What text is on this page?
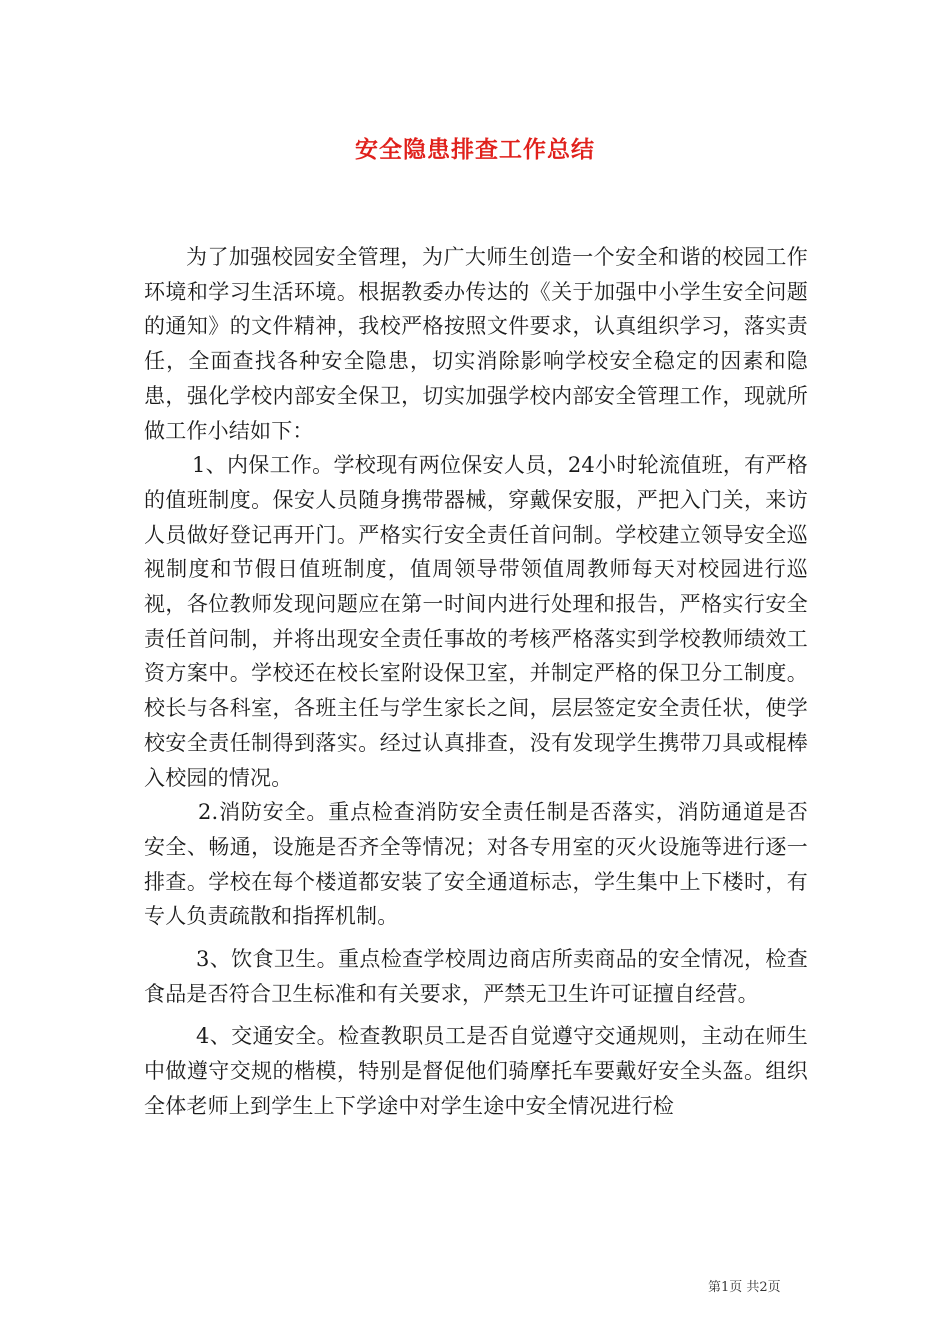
安全隐患排查工作总结

为了加强校园安全管理，为广大师生创造一个安全和谐的校园工作环境和学习生活环境。根据教委办传达的《关于加强中小学生安全问题的通知》的文件精神，我校严格按照文件要求，认真组织学习，落实责任，全面查找各种安全隐患，切实消除影响学校安全稳定的因素和隐患，强化学校内部安全保卫，切实加强学校内部安全管理工作，现就所做工作小结如下：

1、内保工作。学校现有两位保安人员，24小时轮流值班，有严格的值班制度。保安人员随身携带器械，穿戴保安服，严把入门关，来访人员做好登记再开门。严格实行安全责任首问制。学校建立领导安全巡视制度和节假日值班制度，值周领导带领值周教师每天对校园进行巡视，各位教师发现问题应在第一时间内进行处理和报告，严格实行安全责任首问制，并将出现安全责任事故的考核严格落实到学校教师绩效工资方案中。学校还在校长室附设保卫室，并制定严格的保卫分工制度。校长与各科室，各班主任与学生家长之间，层层签定安全责任状，使学校安全责任制得到落实。经过认真排查，没有发现学生携带刀具或棍棒入校园的情况。

2.消防安全。重点检查消防安全责任制是否落实，消防通道是否安全、畅通，设施是否齐全等情况；对各专用室的灭火设施等进行逐一排查。学校在每个楼道都安装了安全通道标志，学生集中上下楼时，有专人负责疏散和指挥机制。

3、饮食卫生。重点检查学校周边商店所卖商品的安全情况，检查食品是否符合卫生标准和有关要求，严禁无卫生许可证擅自经营。

4、交通安全。检查教职员工是否自觉遵守交通规则，主动在师生中做遵守交规的楷模，特别是督促他们骑摩托车要戴好安全头盔。组织全体老师上到学生上下学途中对学生途中安全情况进行检

第1页 共2页
